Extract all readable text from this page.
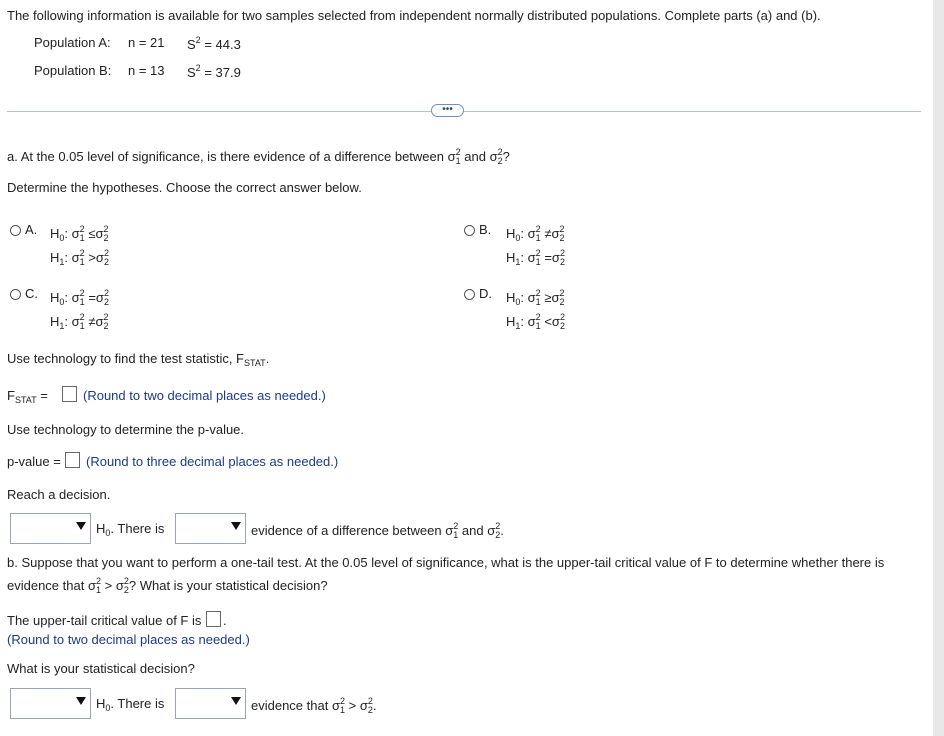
The following information is available for two samples selected from independent normally distributed populations. Complete parts (a) and (b).
Population A: n = 21 $S^2 = 44.3$
Population B: n = 13 $S^2 = 37.9$
•••
a. At the 0.05 level of significance, is there evidence of a difference between $\sigma_1^2$ and $\sigma_2^2$?
Determine the hypotheses. Choose the correct answer below.
A. $H_0$: $\sigma_1^2 \le\sigma_2^2$
$H_1$: $\sigma_1^2 >\sigma_2^2$
B. $H_0$: $\sigma_1^2 \ne\sigma_2^2$
$H_1$: $\sigma_1^2 =\sigma_2^2$
C. $H_0$: $\sigma_1^2 =\sigma_2^2$
$H_1$: $\sigma_1^2 \ne\sigma_2^2$
D. $H_0$: $\sigma_1^2 \ge\sigma_2^2$
$H_1$: $\sigma_1^2 <\sigma_2^2$
Use technology to find the test statistic, $F_{STAT}$.
$F_{STAT}$ =	(Round to two decimal places as needed.)
Use technology to determine the p-value.
p-value = (Round to three decimal places as needed.)
Reach a decision.
$H_0$. There is	evidence of a difference between $\sigma_1^2$ and $\sigma_2^2$.
b. Suppose that you want to perform a one-tail test. At the 0.05 level of significance, what is the upper-tail critical value of F to determine whether there is
evidence that $\sigma_1^2 > \sigma_2^2$? What is your statistical decision?
The upper-tail critical value of F is .
(Round to two decimal places as needed.)
What is your statistical decision?
$H_0$. There is	evidence that $\sigma_1^2 > \sigma_2^2$.
